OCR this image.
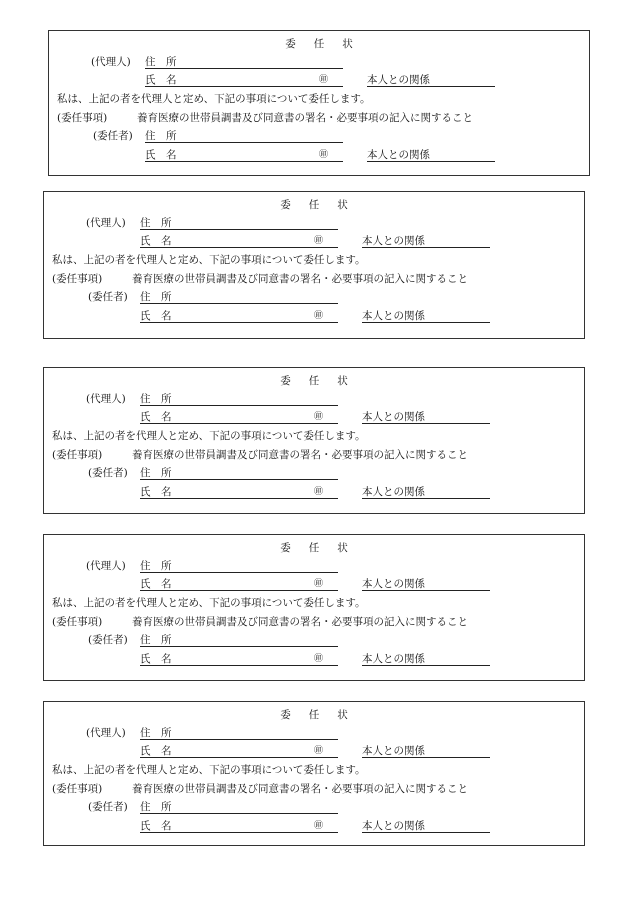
委 任 状
(代理人) 住　所
氏　名	㊞	本人との関係
私は、上記の者を代理人と定め、下記の事項について委任します。
(委任事項)	養育医療の世帯員調書及び同意書の署名・必要事項の記入に関すること
(委任者) 住　所
氏　名	㊞	本人との関係
委 任 状
(代理人) 住　所
氏　名	㊞	本人との関係
私は、上記の者を代理人と定め、下記の事項について委任します。
(委任事項)	養育医療の世帯員調書及び同意書の署名・必要事項の記入に関すること
(委任者) 住　所
氏　名	㊞	本人との関係
委 任 状
(代理人) 住　所
氏　名	㊞	本人との関係
私は、上記の者を代理人と定め、下記の事項について委任します。
(委任事項)	養育医療の世帯員調書及び同意書の署名・必要事項の記入に関すること
(委任者) 住　所
氏　名	㊞	本人との関係
委 任 状
(代理人) 住　所
氏　名	㊞	本人との関係
私は、上記の者を代理人と定め、下記の事項について委任します。
(委任事項)	養育医療の世帯員調書及び同意書の署名・必要事項の記入に関すること
(委任者) 住　所
氏　名	㊞	本人との関係
委 任 状
(代理人) 住　所
氏　名	㊞	本人との関係
私は、上記の者を代理人と定め、下記の事項について委任します。
(委任事項)	養育医療の世帯員調書及び同意書の署名・必要事項の記入に関すること
(委任者) 住　所
氏　名	㊞	本人との関係
